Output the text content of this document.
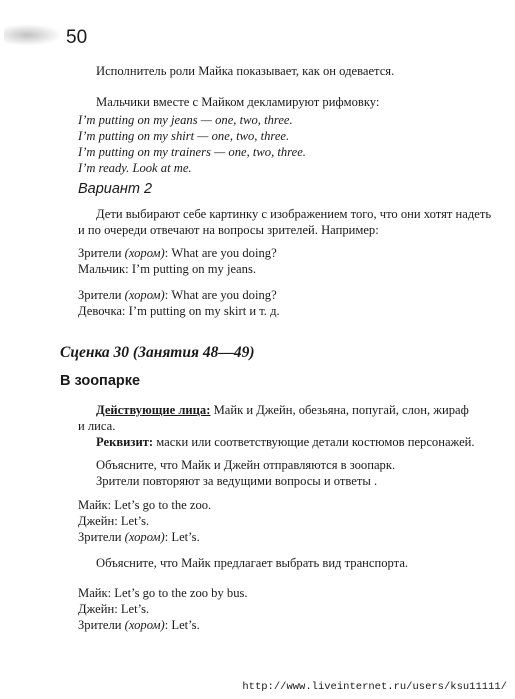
50
Исполнитель роли Майка показывает, как он одевается.
Мальчики вместе с Майком декламируют рифмовку:
I’m putting on my jeans — one, two, three.
I’m putting on my shirt — one, two, three.
I’m putting on my trainers — one, two, three.
I’m ready. Look at me.
Вариант 2
Дети выбирают себе картинку с изображением того, что они хотят надеть
и по очереди отвечают на вопросы зрителей. Например:
Зрители (хором): What are you doing?
Мальчик: I’m putting on my jeans.
Зрители (хором): What are you doing?
Девочка: I’m putting on my skirt и т. д.
Сценка 30 (Занятия 48—49)
В зоопарке
Действующие лица: Майк и Джейн, обезьяна, попугай, слон, жираф
и лиса.
Реквизит: маски или соответствующие детали костюмов персонажей.
Объясните, что Майк и Джейн отправляются в зоопарк.
Зрители повторяют за ведущими вопросы и ответы .
Майк: Let’s go to the zoo.
Джейн: Let’s.
Зрители (хором): Let’s.
Объясните, что Майк предлагает выбрать вид транспорта.
Майк: Let’s go to the zoo by bus.
Джейн: Let’s.
Зрители (хором): Let’s.
http://www.liveinternet.ru/users/ksu11111/
